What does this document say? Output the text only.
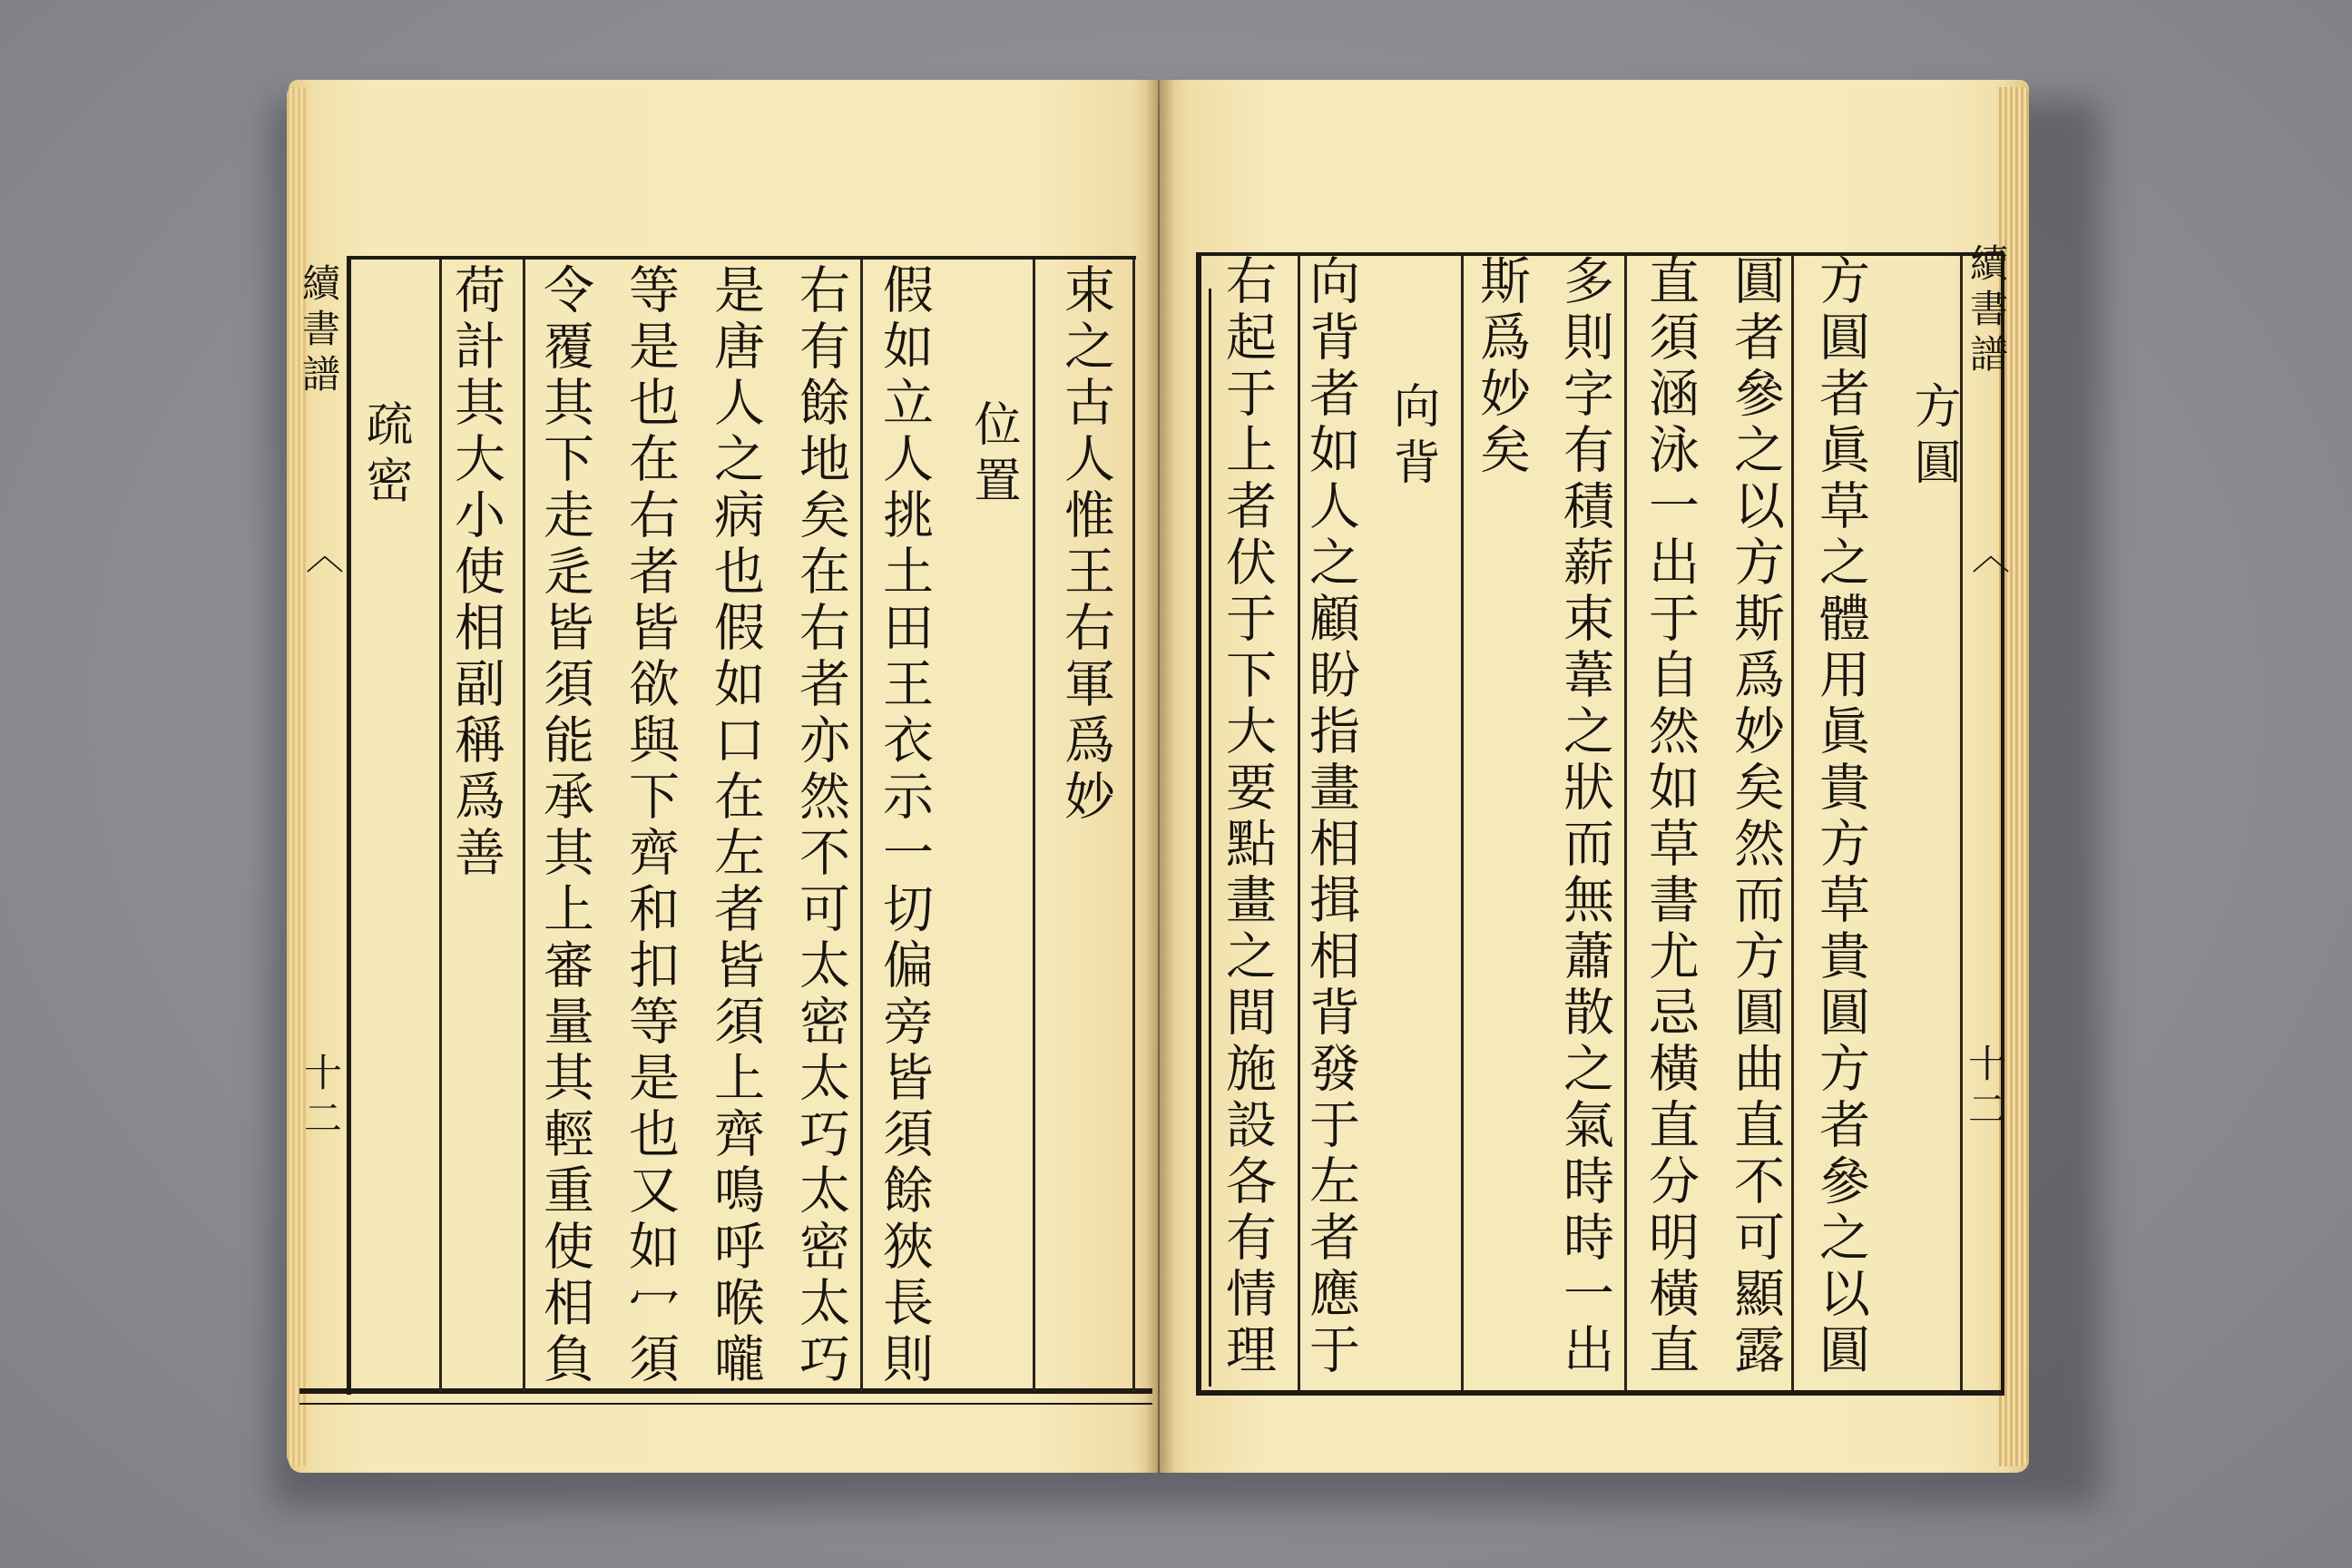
束之古人惟王右軍爲妙
位置
假如立人挑土田王衣示一切偏旁皆須餘狹長則
右有餘地矣在右者亦然不可太密太巧太密太巧
是唐人之病也假如口在左者皆須上齊鳴呼喉嚨
等是也在右者皆欲與下齊和扣等是也又如冖須
令覆其下走辵皆須能承其上審量其輕重使相負
荷計其大小使相副稱爲善
疏密
續書譜
〈
十二
方圓
方圓者眞草之體用眞貴方草貴圓方者參之以圓
圓者參之以方斯爲妙矣然而方圓曲直不可顯露
直須涵泳一出于自然如草書尤忌橫直分明橫直
多則字有積薪束葦之狀而無蕭散之氣時時一出
斯爲妙矣
向背
向背者如人之顧盼指畫相揖相背發于左者應于
右起于上者伏于下大要點畫之間施設各有情理	續書譜
〈
十二
